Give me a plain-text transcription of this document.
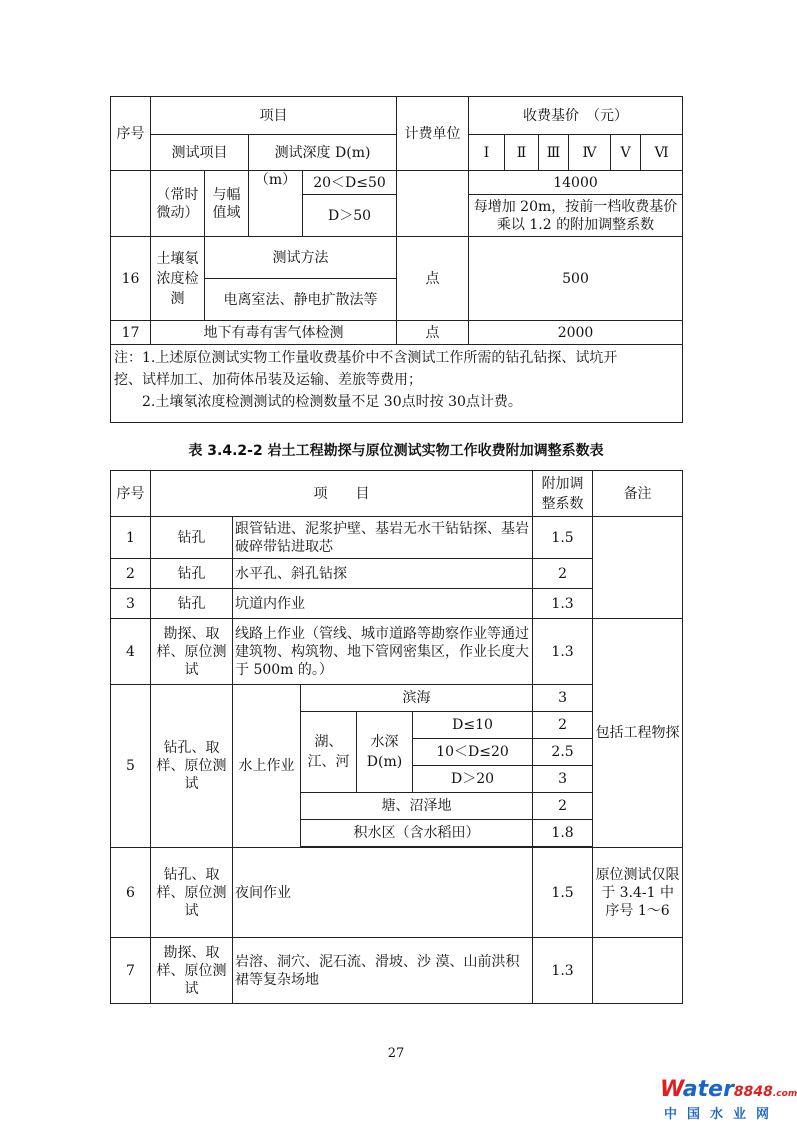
序号	项目				计费单位	收费基价　（元）					
	测试项目		测试深度 D(m)			Ⅰ	Ⅱ	Ⅲ	Ⅳ	Ⅴ	Ⅵ
	（常时微动）	与幅值域	（m）	20＜D≤50		14000					
				D＞50		每增加 20m，按前一档收费基价乘以 1.2 的附加调整系数					
16	土壤氡浓度检测	测试方法			点	500					
		电离室法、静电扩散法等									
17	地下有毒有害气体检测				点	2000					

注：1.上述原位测试实物工作量收费基价中不含测试工作所需的钻孔钻探、试坑开
挖、试样加工、加荷体吊装及运输、差旅等费用；
　　2.土壤氡浓度检测测试的检测数量不足 30点时按 30点计费。											
表 3.4.2-2 岩土工程勘探与原位测试实物工作收费附加调整系数表
序号	项　　目					附加调整系数	备注
1	钻孔	跟管钻进、泥浆护壁、基岩无水干钻钻探、基岩破碎带钻进取芯				1.5	
2	钻孔	水平孔、斜孔钻探				2	
3	钻孔	坑道内作业				1.3	
4	勘探、取样、原位测试	线路上作业（管线、城市道路等勘察作业等通过建筑物、构筑物、地下管网密集区，作业长度大于 500m 的。）				1.3	包括工程物探
5	钻孔、取样、原位测试	水上作业	滨海			3	
			湖、江、河	水深D(m)	D≤10	2	
					10＜D≤20	2.5	
					D＞20	3	
			塘、沼泽地			2	
			积水区（含水稻田）			1.8	

6	钻孔、取样、原位测试	夜间作业				1.5	原位测试仅限于 3.4-1 中序号 1～6
7	勘探、取样、原位测试	岩溶、洞穴、泥石流、滑坡、沙 漠、山前洪积裙等复杂场地				1.3	
27
Water8848.com
中国水业网
